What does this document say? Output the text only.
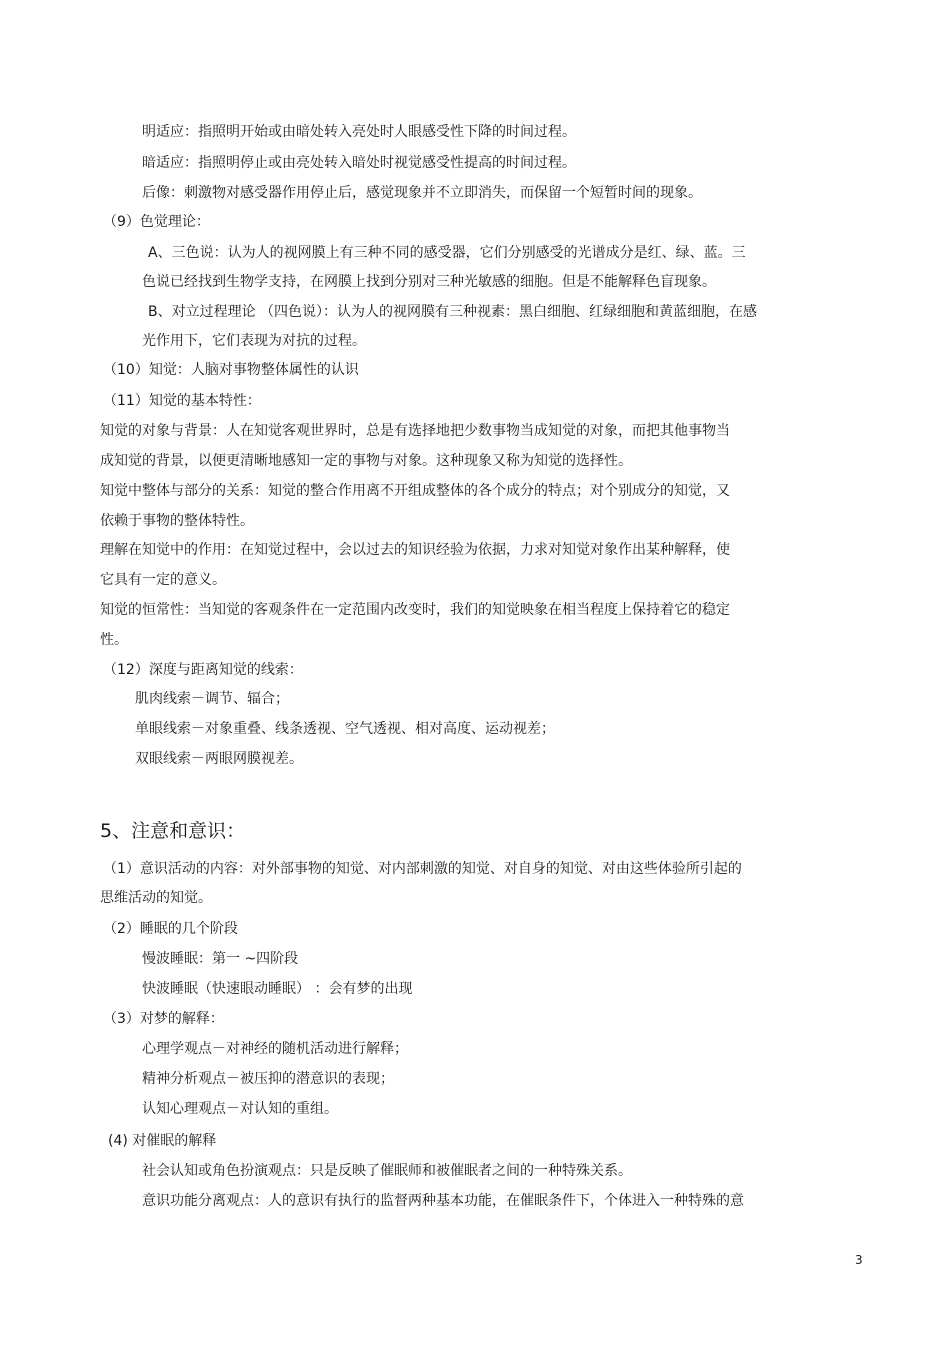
明适应：指照明开始或由暗处转入亮处时人眼感受性下降的时间过程。
暗适应：指照明停止或由亮处转入暗处时视觉感受性提高的时间过程。
后像：刺激物对感受器作用停止后，感觉现象并不立即消失，而保留一个短暂时间的现象。
（9）色觉理论：
A、三色说：认为人的视网膜上有三种不同的感受器，它们分别感受的光谱成分是红、绿、蓝。三
色说已经找到生物学支持，在网膜上找到分别对三种光敏感的细胞。但是不能解释色盲现象。
B、对立过程理论 （四色说）：认为人的视网膜有三种视素：黑白细胞、红绿细胞和黄蓝细胞，在感
光作用下，它们表现为对抗的过程。
（10）知觉：人脑对事物整体属性的认识
（11）知觉的基本特性：
知觉的对象与背景：人在知觉客观世界时，总是有选择地把少数事物当成知觉的对象，而把其他事物当
成知觉的背景，以便更清晰地感知一定的事物与对象。这种现象又称为知觉的选择性。
知觉中整体与部分的关系：知觉的整合作用离不开组成整体的各个成分的特点；对个别成分的知觉，又
依赖于事物的整体特性。
理解在知觉中的作用：在知觉过程中，会以过去的知识经验为依据，力求对知觉对象作出某种解释，使
它具有一定的意义。
知觉的恒常性：当知觉的客观条件在一定范围内改变时，我们的知觉映象在相当程度上保持着它的稳定
性。
（12）深度与距离知觉的线索：
肌肉线索－调节、辐合；
单眼线索－对象重叠、线条透视、空气透视、相对高度、运动视差；
双眼线索－两眼网膜视差。
5、注意和意识：
（1）意识活动的内容：对外部事物的知觉、对内部刺激的知觉、对自身的知觉、对由这些体验所引起的
思维活动的知觉。
（2）睡眠的几个阶段
慢波睡眠：第一 ~四阶段
快波睡眠（快速眼动睡眠） ：会有梦的出现
（3）对梦的解释：
心理学观点－对神经的随机活动进行解释；
精神分析观点－被压抑的潜意识的表现；
认知心理观点－对认知的重组。
(4) 对催眠的解释
社会认知或角色扮演观点：只是反映了催眠师和被催眠者之间的一种特殊关系。
意识功能分离观点：人的意识有执行的监督两种基本功能，在催眠条件下，个体进入一种特殊的意
3
